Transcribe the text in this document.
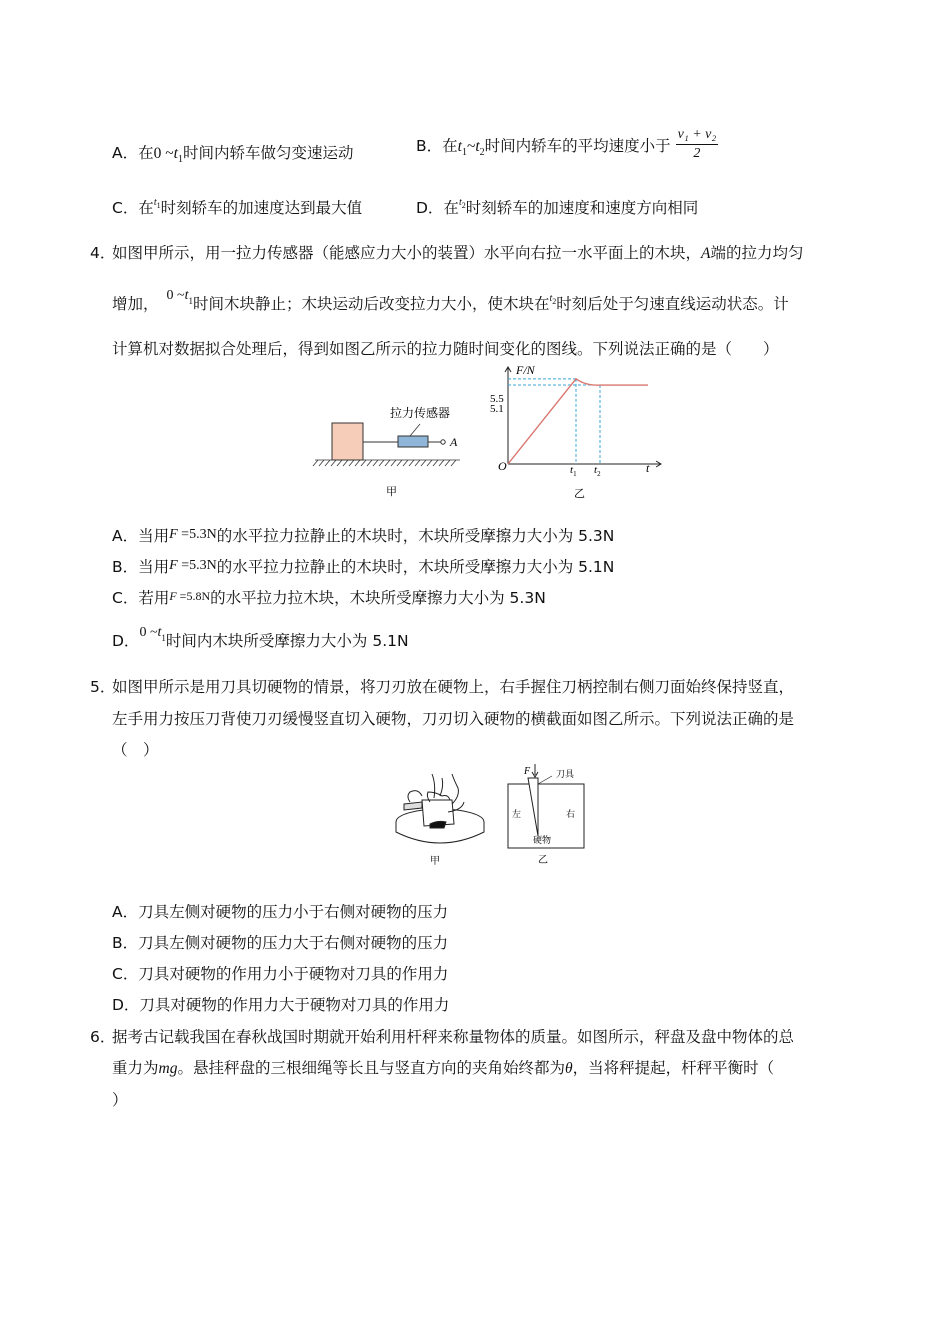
A．在0 $\sim t_1$时间内轿车做匀变速运动	B．在$t_1\sim t_2$时间内轿车的平均速度小于 $\frac{\text{v₁ + v₂}}{2}$
C．在$^{t1}$时刻轿车的加速度达到最大值	D．在$^{t2}$时刻轿车的加速度和速度方向相同
4．
如图甲所示，用一拉力传感器（能感应力大小的装置）水平向右拉一水平面上的木块，A端的拉力均匀
增加， 0 $\sim t^1$时间木块静止；木块运动后改变拉力大小，使木块在$^{t2}$时刻后处于匀速直线运动状态。计
计算机对数据拟合处理后，得到如图乙所示的拉力随时间变化的图线。下列说法正确的是（　　）
拉力传感器
A
甲
F/N
t
O
5.5
5.1
$t_1$ $t_2$
乙
A．当用F =5.3N的水平拉力拉静止的木块时，木块所受摩擦力大小为 5.3N
B．当用F =5.3N的水平拉力拉静止的木块时，木块所受摩擦力大小为 5.1N
C．若用F =5.8N的水平拉力拉木块，木块所受摩擦力大小为 5.3N
D．0 $\sim t^1$时间内木块所受摩擦力大小为 5.1N
5．
如图甲所示是用刀具切硬物的情景，将刀刃放在硬物上，右手握住刀柄控制右侧刀面始终保持竖直，
左手用力按压刀背使刀刃缓慢竖直切入硬物，刀刃切入硬物的横截面如图乙所示。下列说法正确的是
（　）
甲
F	刀具
左	右
硬物
乙
A．刀具左侧对硬物的压力小于右侧对硬物的压力
B．刀具左侧对硬物的压力大于右侧对硬物的压力
C．刀具对硬物的作用力小于硬物对刀具的作用力
D．刀具对硬物的作用力大于硬物对刀具的作用力
6．
据考古记载我国在春秋战国时期就开始利用杆秤来称量物体的质量。如图所示，秤盘及盘中物体的总
重力为mg。悬挂秤盘的三根细绳等长且与竖直方向的夹角始终都为θ，当将秤提起，杆秤平衡时（
）
